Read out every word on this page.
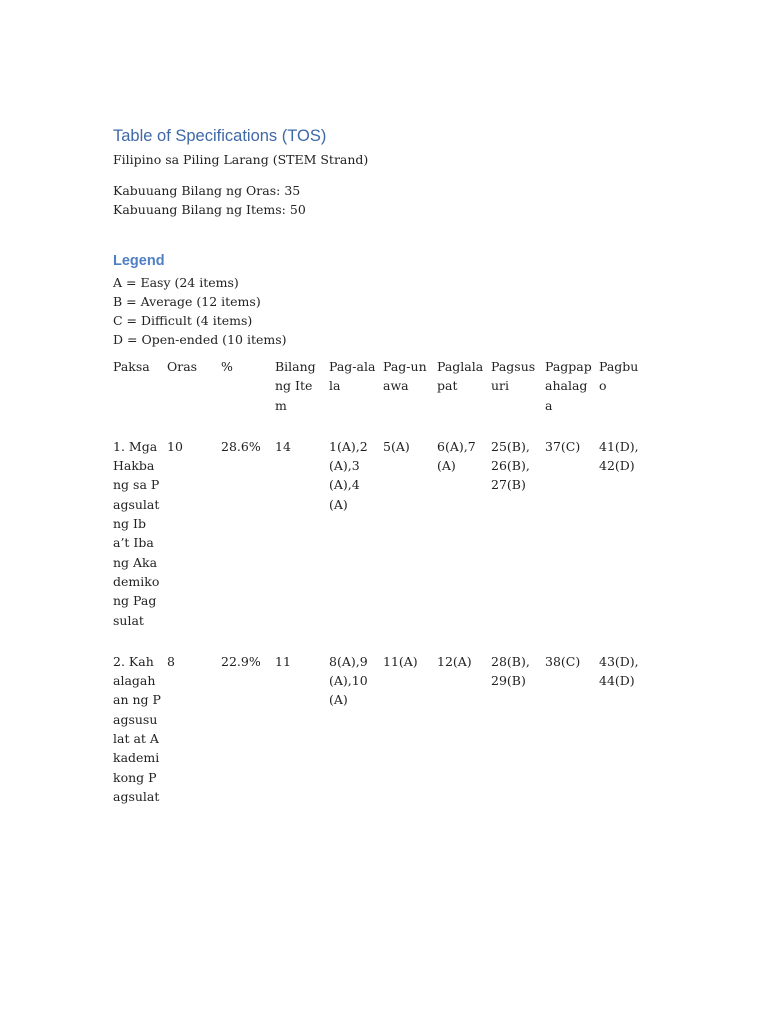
Table of Specifications (TOS)

Filipino sa Piling Larang (STEM Strand)

Kabuuang Bilang ng Oras: 35

Kabuuang Bilang ng Items: 50

Legend

A = Easy (24 items)

B = Average (12 items)

C = Difficult (4 items)

D = Open-ended (10 items)

Paksa	Oras	%	Bilang ng Item	Pag-alala	Pag-unawa	Paglalapat	Pagsusuri	Pagpapahalaga	Pagbuo

1. Mga Hakbang sa Pagsulat ng Iba’t Ibang Akademikong Pagsulat	10	28.6%	14	1(A),2(A),3(A),4(A)	5(A)	6(A),7(A)	25(B), 26(B), 27(B)	37(C)	41(D), 42(D)

2. Kahalagahan ng Pagsusulat at Akademikong Pagsulat	8	22.9%	11	8(A),9(A),10(A)	11(A)	12(A)	28(B), 29(B)	38(C)	43(D), 44(D)
